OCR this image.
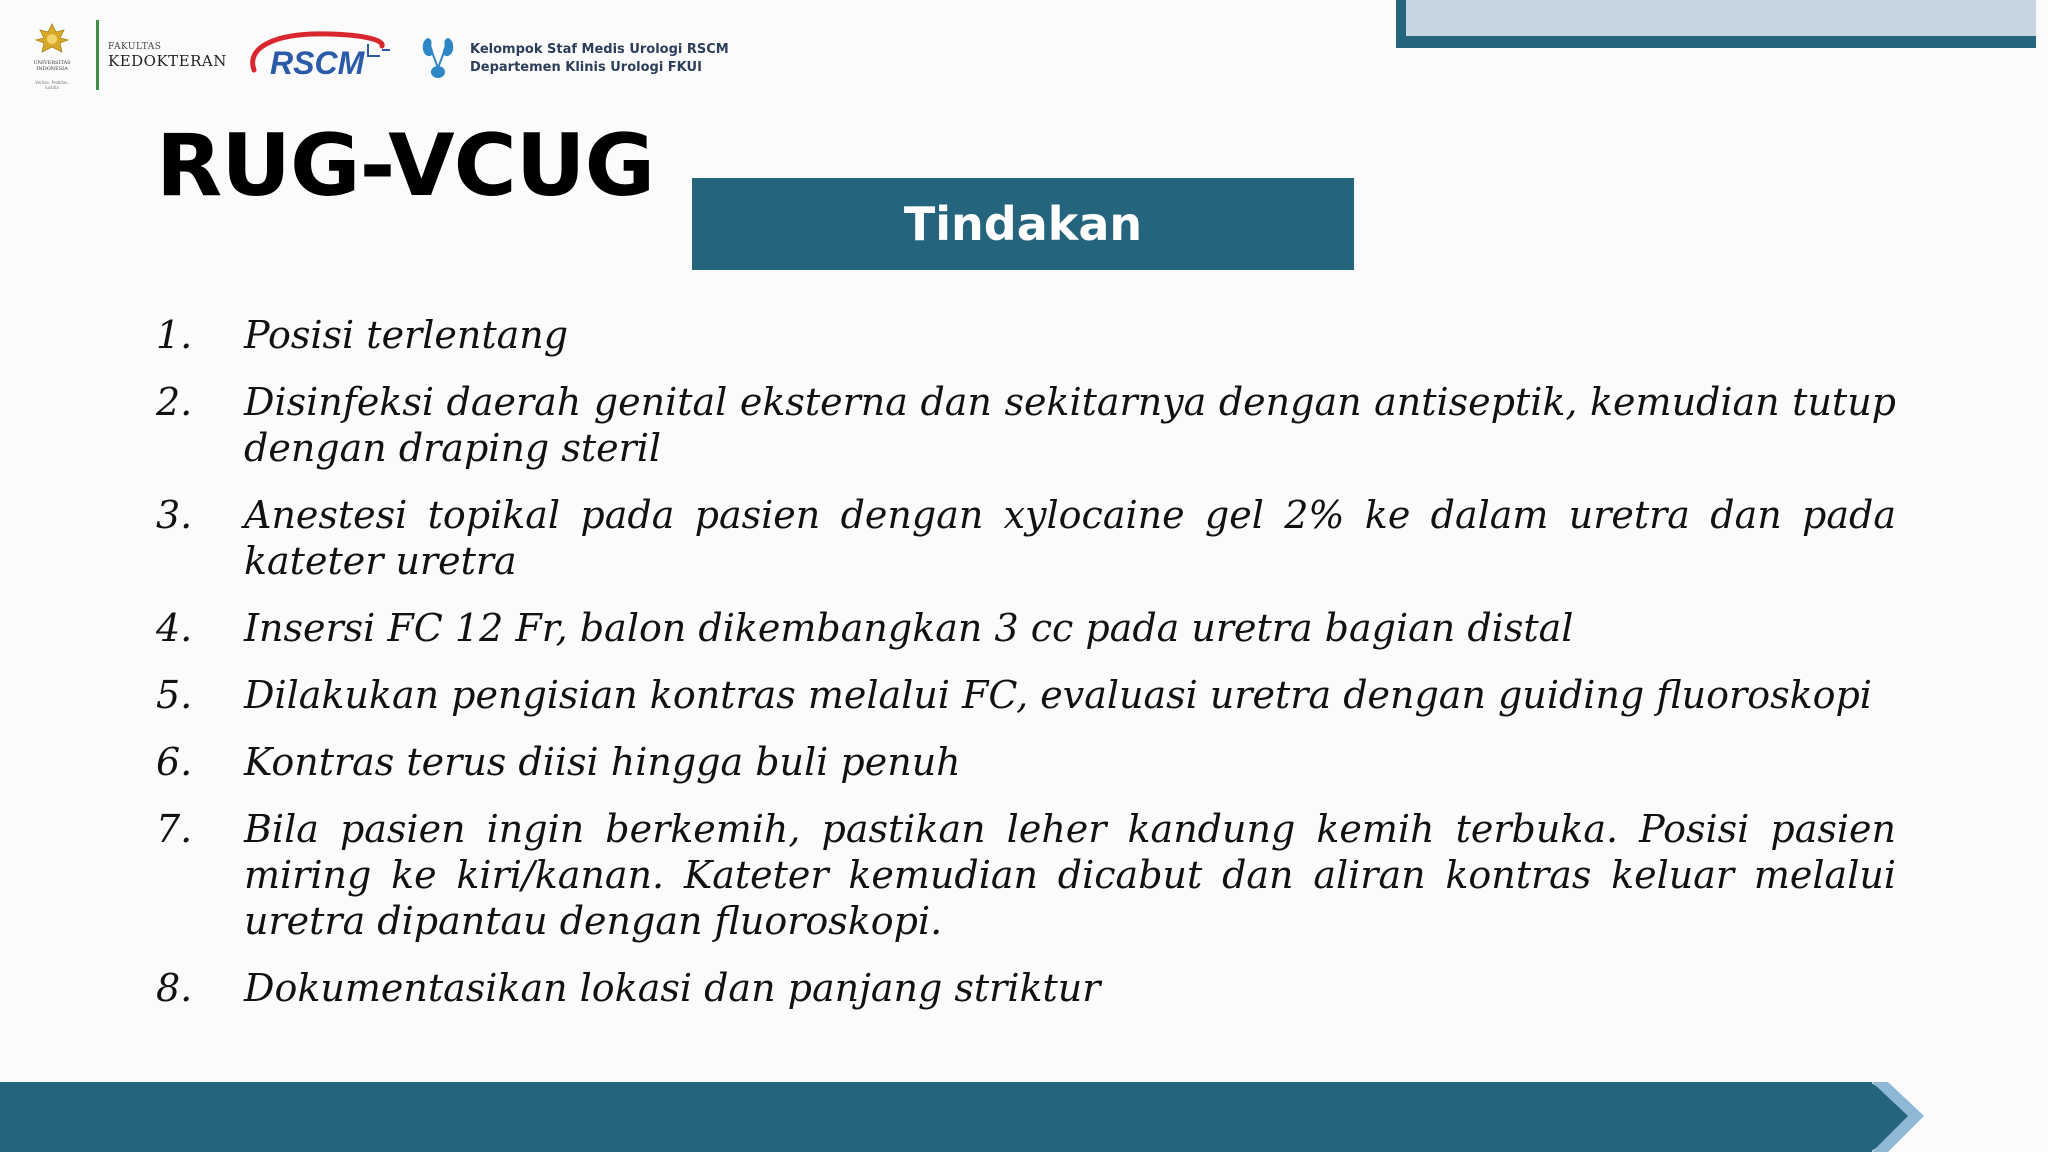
UNIVERSITAS INDONESIA
Veritas, Probitas, Iustitia
FAKULTAS
KEDOKTERAN RSCM	Kelompok Staf Medis Urologi RSCM
Departemen Klinis Urologi FKUI
RUG-VCUG
Tindakan
1.	Posisi terlentang
2.	Disinfeksi daerah genital eksterna dan sekitarnya dengan antiseptik, kemudian tutup dengan draping steril
3.	Anestesi topikal pada pasien dengan xylocaine gel 2% ke dalam uretra dan pada kateter uretra
4.	Insersi FC 12 Fr, balon dikembangkan 3 cc pada uretra bagian distal
5.	Dilakukan pengisian kontras melalui FC, evaluasi uretra dengan guiding fluoroskopi
6.	Kontras terus diisi hingga buli penuh
7.	Bila pasien ingin berkemih, pastikan leher kandung kemih terbuka. Posisi pasien miring ke kiri/kanan. Kateter kemudian dicabut dan aliran kontras keluar melalui uretra dipantau dengan fluoroskopi.
8.	Dokumentasikan lokasi dan panjang striktur
